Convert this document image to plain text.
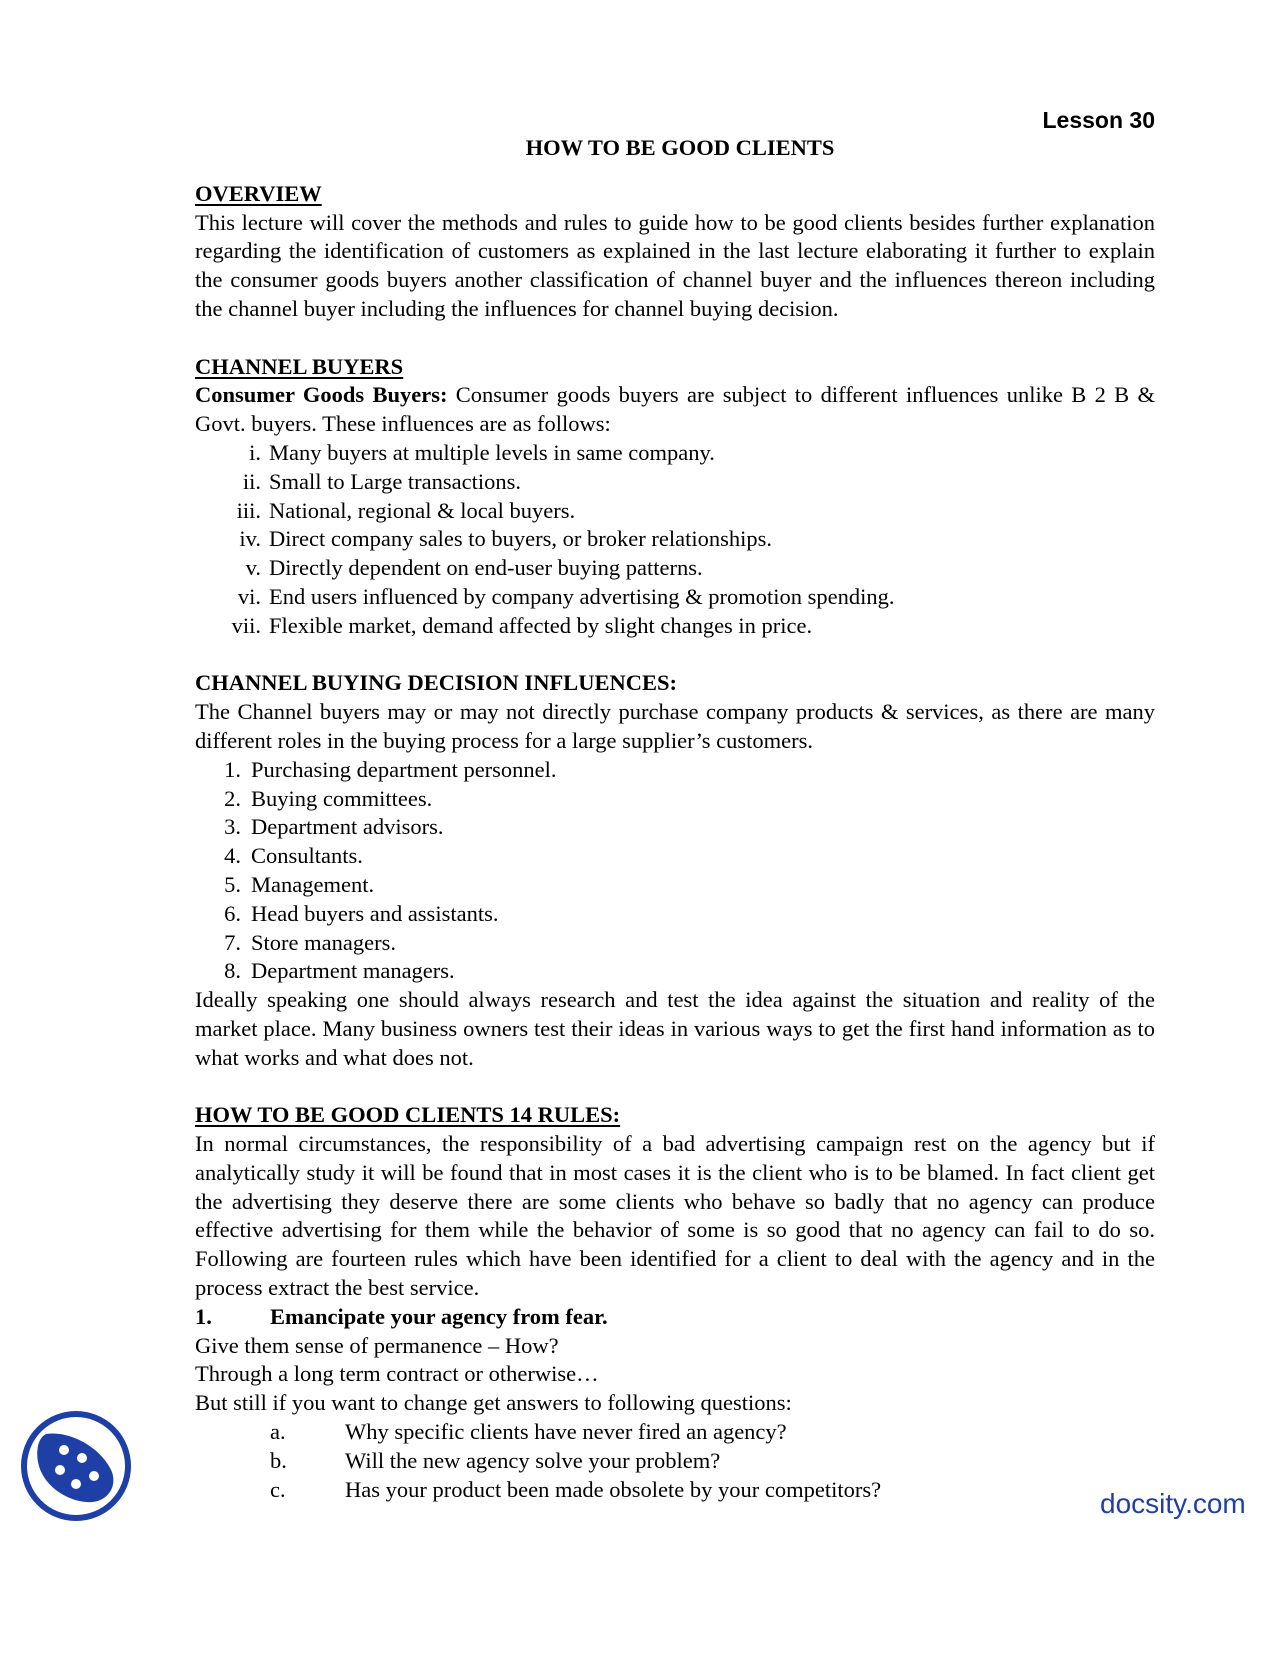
Lesson 30

HOW TO BE GOOD CLIENTS

OVERVIEW

This lecture will cover the methods and rules to guide how to be good clients besides further explanation regarding the identification of customers as explained in the last lecture elaborating it further to explain the consumer goods buyers another classification of channel buyer and the influences thereon including the channel buyer including the influences for channel buying decision.

CHANNEL BUYERS

Consumer Goods Buyers: Consumer goods buyers are subject to different influences unlike B 2 B & Govt. buyers. These influences are as follows:

i. Many buyers at multiple levels in same company.
ii. Small to Large transactions.
iii. National, regional & local buyers.
iv. Direct company sales to buyers, or broker relationships.
v. Directly dependent on end-user buying patterns.
vi. End users influenced by company advertising & promotion spending.
vii. Flexible market, demand affected by slight changes in price.
CHANNEL BUYING DECISION INFLUENCES:

The Channel buyers may or may not directly purchase company products & services, as there are many different roles in the buying process for a large supplier’s customers.

1. Purchasing department personnel.
2. Buying committees.
3. Department advisors.
4. Consultants.
5. Management.
6. Head buyers and assistants.
7. Store managers.
8. Department managers.

Ideally speaking one should always research and test the idea against the situation and reality of the market place. Many business owners test their ideas in various ways to get the first hand information as to what works and what does not.

HOW TO BE GOOD CLIENTS 14 RULES:

In normal circumstances, the responsibility of a bad advertising campaign rest on the agency but if analytically study it will be found that in most cases it is the client who is to be blamed. In fact client get the advertising they deserve there are some clients who behave so badly that no agency can produce effective advertising for them while the behavior of some is so good that no agency can fail to do so. Following are fourteen rules which have been identified for a client to deal with the agency and in the process extract the best service.

1.	Emancipate your agency from fear.

Give them sense of permanence – How?

Through a long term contract or otherwise…

But still if you want to change get answers to following questions:

a.	Why specific clients have never fired an agency?
b.	Will the new agency solve your problem?
c.	Has your product been made obsolete by your competitors?	docsity.com
